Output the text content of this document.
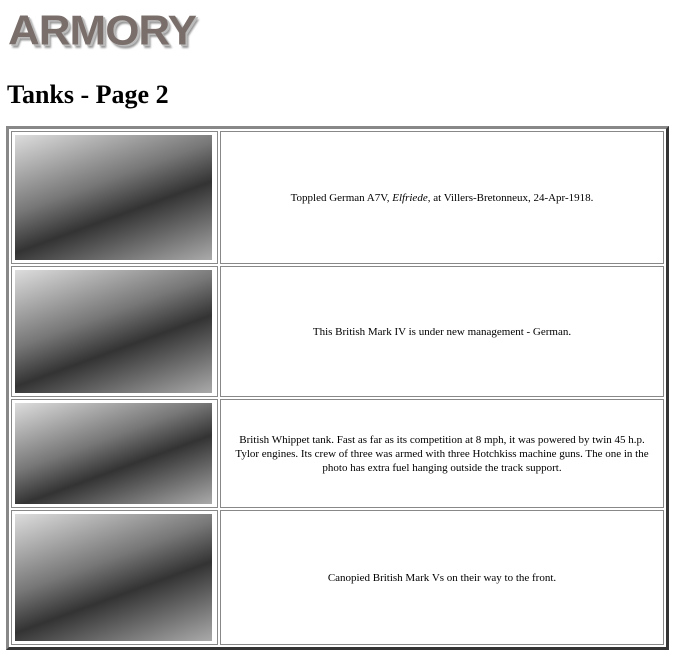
ARMORY
Tanks - Page 2
	Toppled German A7V, Elfriede, at Villers-Bretonneux, 24-Apr-1918.

	This British Mark IV is under new management - German.

	British Whippet tank. Fast as far as its competition at 8 mph, it was powered by twin 45 h.p. Tylor engines. Its crew of three was armed with three Hotchkiss machine guns. The one in the photo has extra fuel hanging outside the track support.

	Canopied British Mark Vs on their way to the front.
